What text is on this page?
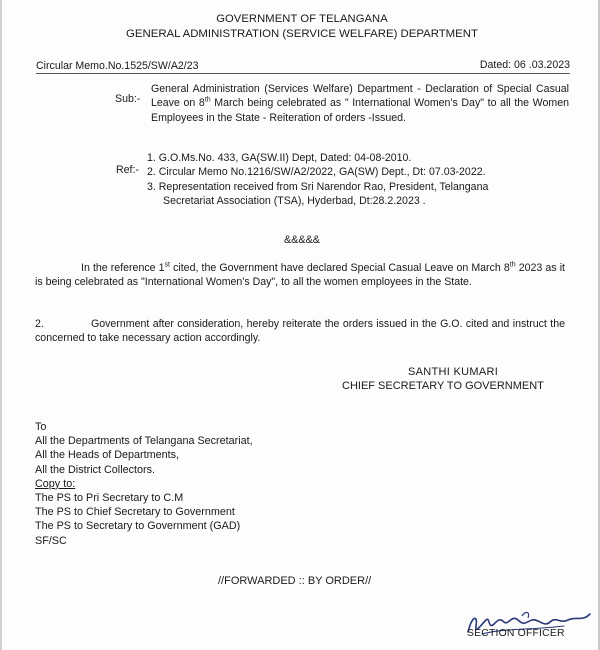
GOVERNMENT OF TELANGANA
GENERAL ADMINISTRATION (SERVICE WELFARE) DEPARTMENT
Circular Memo.No.1525/SW/A2/23	Dated: 06 .03.2023
Sub:-
General Administration (Services Welfare) Department - Declaration of Special Casual Leave on 8th March being celebrated as " International Women's Day" to all the Women Employees in the State - Reiteration of orders -Issued.
Ref:-
1. G.O.Ms.No. 433, GA(SW.II) Dept, Dated: 04-08-2010.
2. Circular Memo No.1216/SW/A2/2022, GA(SW) Dept., Dt: 07.03-2022.
3. Representation received from Sri Narendor Rao, President, Telangana
Secretariat Association (TSA), Hyderbad, Dt:28.2.2023 .
&&&&&
In the reference 1st cited, the Government have declared Special Casual Leave on March 8th 2023 as it is being celebrated as "International Women's Day", to all the women employees in the State.
2.	Government after consideration, hereby reiterate the orders issued in the G.O. cited and instruct the concerned to take necessary action accordingly.
SANTHI KUMARI
CHIEF SECRETARY TO GOVERNMENT
To
All the Departments of Telangana Secretariat,
All the Heads of Departments,
All the District Collectors.
Copy to:
The PS to Pri Secretary to C.M
The PS to Chief Secretary to Government
The PS to Secretary to Government (GAD)
SF/SC
//FORWARDED :: BY ORDER//
SECTION OFFICER
